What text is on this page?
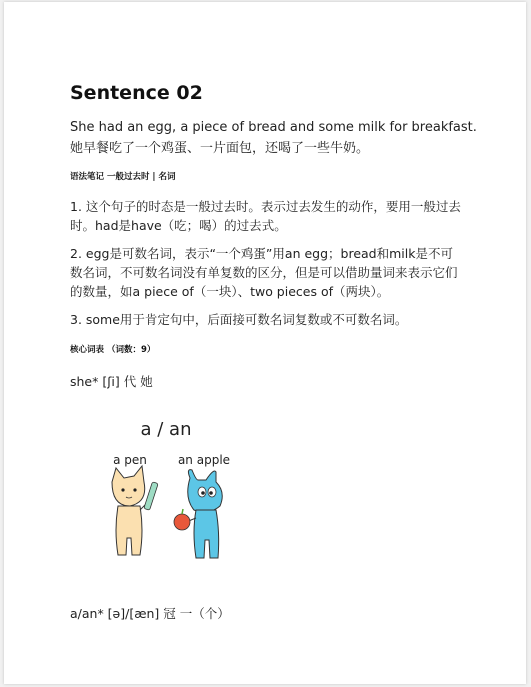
Sentence 02
She had an egg, a piece of bread and some milk for breakfast.
她早餐吃了一个鸡蛋、一片面包，还喝了一些牛奶。
语法笔记 一般过去时 | 名词
1. 这个句子的时态是一般过去时。表示过去发生的动作，要用一般过去时。had是have（吃；喝）的过去式。
2. egg是可数名词，表示“一个鸡蛋”用an egg；bread和milk是不可数名词，不可数名词没有单复数的区分，但是可以借助量词来表示它们的数量，如a piece of（一块）、two pieces of（两块）。
3. some用于肯定句中，后面接可数名词复数或不可数名词。
核心词表 （词数：9）
she* [ʃi] 代 她
a / an
a pen	an apple
a/an* [ə]/[æn] 冠 一（个）
